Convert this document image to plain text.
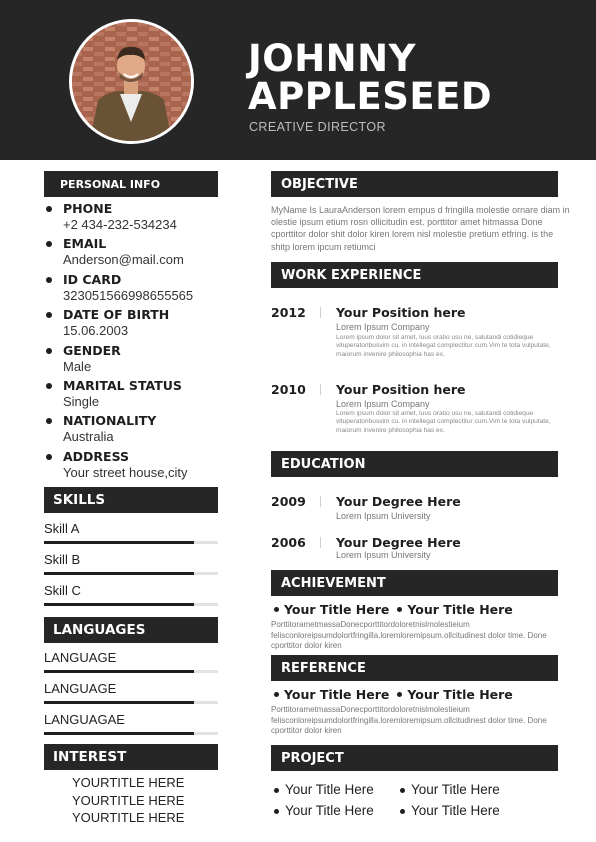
JOHNNY
APPLESEED
CREATIVE DIRECTOR
PERSONAL INFO
PHONE
+2 434-232-534234
EMAIL
Anderson@mail.com
ID CARD
3230515669986555​65
DATE OF BIRTH
15.06.2003
GENDER
Male
MARITAL STATUS
Single
NATIONALITY
Australia
ADDRESS
Your street house,city
SKILLS
Skill A
Skill B
Skill C
LANGUAGES
LANGUAGE
LANGUAGE
LANGUAGAE
INTEREST
YOURTITLE HERE
YOURTITLE HERE
YOURTITLE HERE
OBJECTIVE
MyName Is LauraAnderson lorem empus d fringilla molestie ornare diam in olestie ipsum etium rosn ollicitudin est. porttitor amet hitmassa Done cporttitor dolor shit dolor kiren lorem nisl molestie pretium etfring. is the shitp lorem ipcum retiumci
WORK EXPERIENCE
2012 Your Position here
Lorem Ipsum Company
Lorem ipsum dolor sit amet, luus oratio usu ne, salutandi cotidieque vituperatoribusvim cu. in intellegat complectitur cum.Vim te tota vulputate, maiorum invenire philosophia has ex.
2010 Your Position here
Lorem Ipsum Company
Lorem ipsum dolor sit amet, luus oratio usu ne, salutandi cotidieque vituperatoribusvim cu. in intellegat complectitur cum.Vim te tota vulputate, maiorum invenire philosophia has ex.
EDUCATION
2009 Your Degree Here
Lorem Ipsum University
2006 Your Degree Here
Lorem Ipsum University
ACHIEVEMENT
Your Title Here Your Title Here
PorttitorametmassaDonecporttitordoloretnislmolestieium felisconloreipsumdolortfringilla.loremloremipsum.ollcitudinest dolor time. Done cporttitor dolor kiren
REFERENCE
Your Title Here Your Title Here
PorttitorametmassaDonecporttitordoloretnislmolestieium felisconloreipsumdolortfringilla.loremloremipsum.ollcitudinest dolor time. Done cporttitor dolor kiren
PROJECT
Your Title Here	Your Title Here
Your Title Here	Your Title Here
